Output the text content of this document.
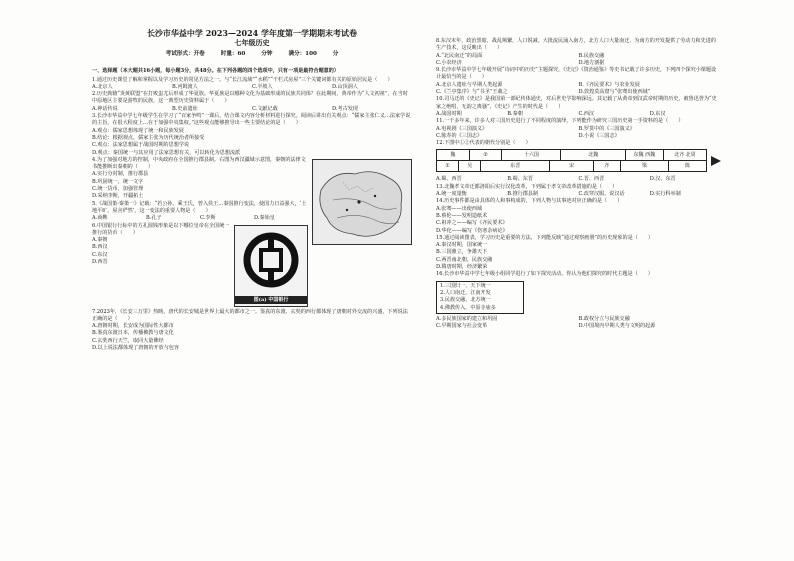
长沙市华益中学 2023—2024 学年度第一学期期末考试卷
七年级历史
考试形式：开卷	时量：60 分钟	满分：100 分

一、选择题（本大题共16小题，每小题3分，共48分。在下列各题的四个选项中，只有一项是最符合题意的）

1.通过历史课堂了解和掌握以及学习历史的常见方法之一。与“长江流域”“水稻”“干栏式房屋”三个关键词都有关的原始居民是（　　）

A.北京人	B.河姆渡人	C.半坡人	D.山顶洞人

2.历史典籍“炎黄联盟”在打败蚩尤后形成了华夏族。华夏族是以哪种文化为基础形成的民族共同体？在此期间，黄帝作为“人文初祖”，在当时中原地区主要是游牧的民族，这一典型历史资料属于（　　）

A.神话传说	B.史前遗址	C.文献记载	D.考古发现

3.长沙市华益中学七年级学生在学习了“百家争鸣”一课后，结合课文内容分析材料进行探究。阅读后讲出有关观点：“儒家主张仁义…法家学说的主旨，在很大程度上…在于加强中央集权。”这些观点能够推导出一些主要结论的是（　　）

A.观点：儒家思想体现了统一和民族发展
B.结论：根据观点，儒家主张为历代统治者所接受
C.观点：法家思想属于战国时期的思想学说
D.观点：秦国统一与其应用了法家思想有关，可以转化为思想流派

4.为了加强对地方的控制，中央政府在全国推行郡县制。右图为西汉疆域示意图，秦朝的法律文书能推断出秦朝的（　　）

A.实行分封制，推行郡县
B.巩固统一，统一文字
C.统一货币，加强管理
D.采纳李斯，开疆拓土

5.《战国策·秦策一》记载：“若公孙，乘王氏，曾入侯王…秦国推行变法，使国力日益强大，‘土地平旷，屋舍俨然’，这一变法的重要人物是（　　）

A.商鞅	B.孔子	C.李斯	D.秦始皇
图(a) 中国银行

6.中国银行行标中的方孔圆钱形象是以下哪位皇帝在全国统一推行的货币（　　）

A.秦朝
B.西汉
C.东汉
D.西晋

7.2023年，《长安三万里》热映，唐代的长安城是世界上最大的都市之一。鉴真的东渡、玄奘的西行都体现了唐朝对外交流的兴盛，下列说法正确的是（　　）

A.唐朝时期，长安成为国际性大都市
B.鉴真东渡日本，传播佛教与唐文化
C.玄奘西行天竺，取回大量佛经
D.以上说法都体现了唐朝的开放与包容

8.东汉末年，政治黑暗，战乱频繁，人口锐减。大批流民涌入南方，北方人口大量南迁，为南方的开发提供了劳动力和先进的生产技术，这反映出（　　）

A.“北民南迁”的局面	B.民族交融
C.小农经济	D.地方割据

9.长沙市华益中学七年级开展“诗词中的历史”主题探究，《史记》《资治通鉴》等史书记载了许多历史，下列四个探究小课题设计最恰当的是（　　）

A.北京人遗址与早期人类起源	B.《齐民要术》与农业发展
C.《兰亭集序》与“书圣”王羲之	D.敦煌莫高窟与“张骞出使西域”

10.司马迁的《史记》是我国第一部纪传体通史，对后世史学影响深远。其记载了从黄帝到汉武帝时期的历史，被鲁迅誉为“史家之绝唱，无韵之离骚”，《史记》产生的时代是（　　）

A.战国时期	B.秦朝	C.西汉	D.东汉

11.一千多年来，许多人对三国历史进行了不同程度的演绎，下列能作为研究三国历史第一手资料的是（　　）

A.电视剧《三国演义》	B.罗贯中的《三国演义》
C.陈寿的《三国志》	D.小说《三国志》

12.下图中①②代表的朝代分别是（　　）

魏	②	十六国	北魏	东魏 西魏	北齐 北周
①	吴	东晋	宋	齐	梁	陈
A.蜀、西晋	B.蜀、东晋	C.晋、西晋	D.汉、东晋

13.北魏孝文帝迁都洛阳后实行汉化改革，下列属于孝文帝改革措施的是（　　）

A.统一度量衡	B.推行郡县制	C.改穿汉服、说汉话	D.实行科举制

14.历史事件都是由具体的人和事构成的，下列人物与其事迹对应正确的是（　　）

A.张骞——出使西域
B.蔡伦——发明造纸术
C.祖冲之——编写《齐民要术》
D.华佗——编写《伤寒杂病论》

15.通过阅读图表，学习历史是重要的方法，下列能反映“通过观察画册”的历史现象的是（　　）

A.秦汉时期，国家统一
B.三国鼎立，争雄天下
C.两晋南北朝，民族交融
D.隋唐时期，经济繁荣

16.长沙市华益中学七年级小组同学进行了如下探究活动。你认为他们探究的时代主题是（　　）

1.三国归一，天下统一

2.人口南迁，江南开发

3.民族交融，北方统一

4.佛教传入，中原寺庙多

A.多民族国家的建立和巩固	B.政权分立与民族交融
C.早期国家与社会变革	D.中国境内早期人类与文明的起源
